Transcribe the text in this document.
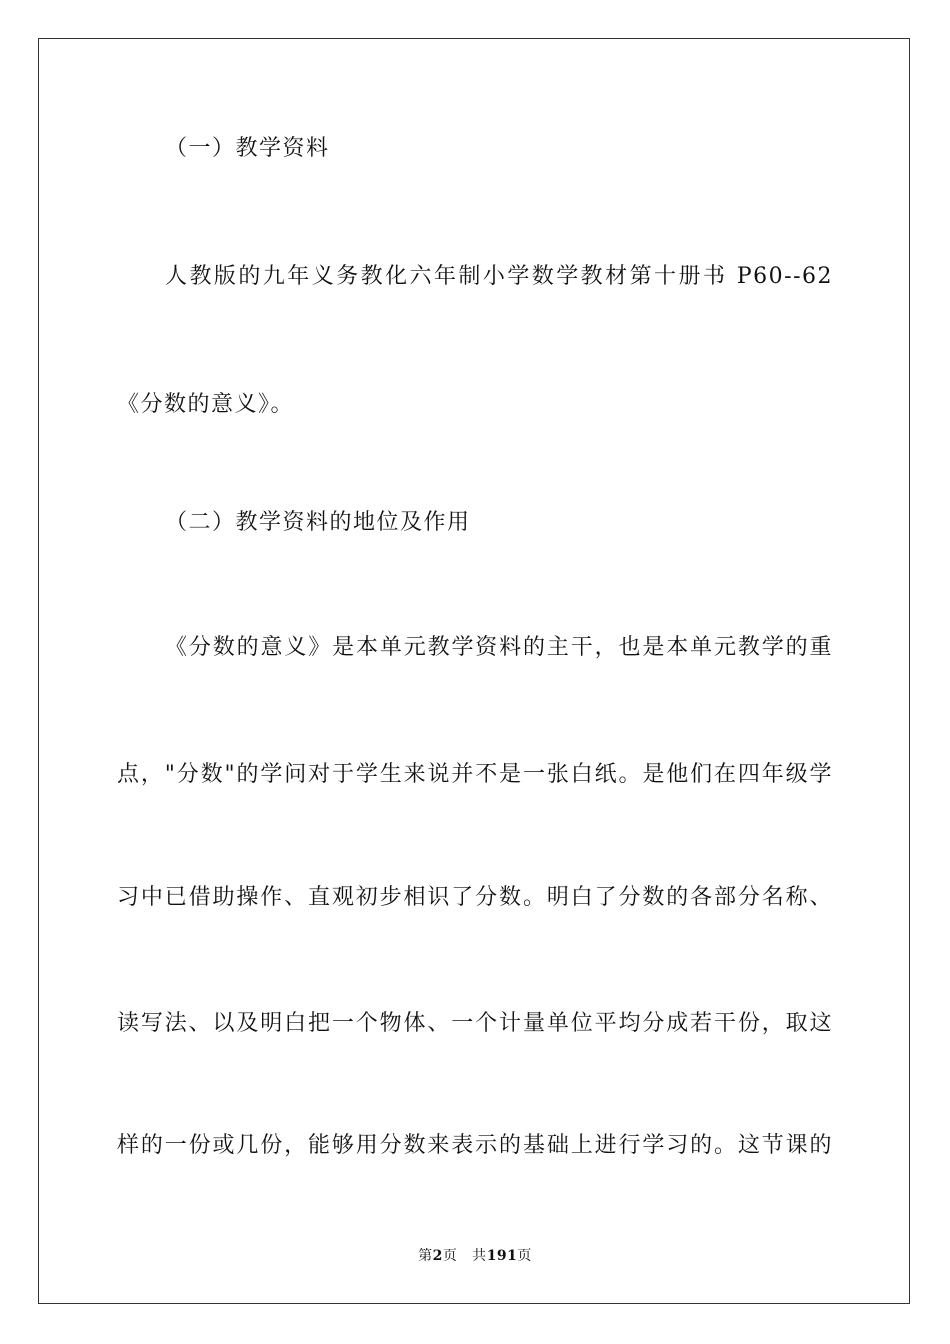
（一）教学资料
人教版的九年义务教化六年制小学数学教材第十册书 P60--62
《分数的意义》。
（二）教学资料的地位及作用
《分数的意义》是本单元教学资料的主干，也是本单元教学的重
点，"分数"的学问对于学生来说并不是一张白纸。是他们在四年级学
习中已借助操作、直观初步相识了分数。明白了分数的各部分名称、
读写法、以及明白把一个物体、一个计量单位平均分成若干份，取这
样的一份或几份，能够用分数来表示的基础上进行学习的。这节课的
第2页   共191页
